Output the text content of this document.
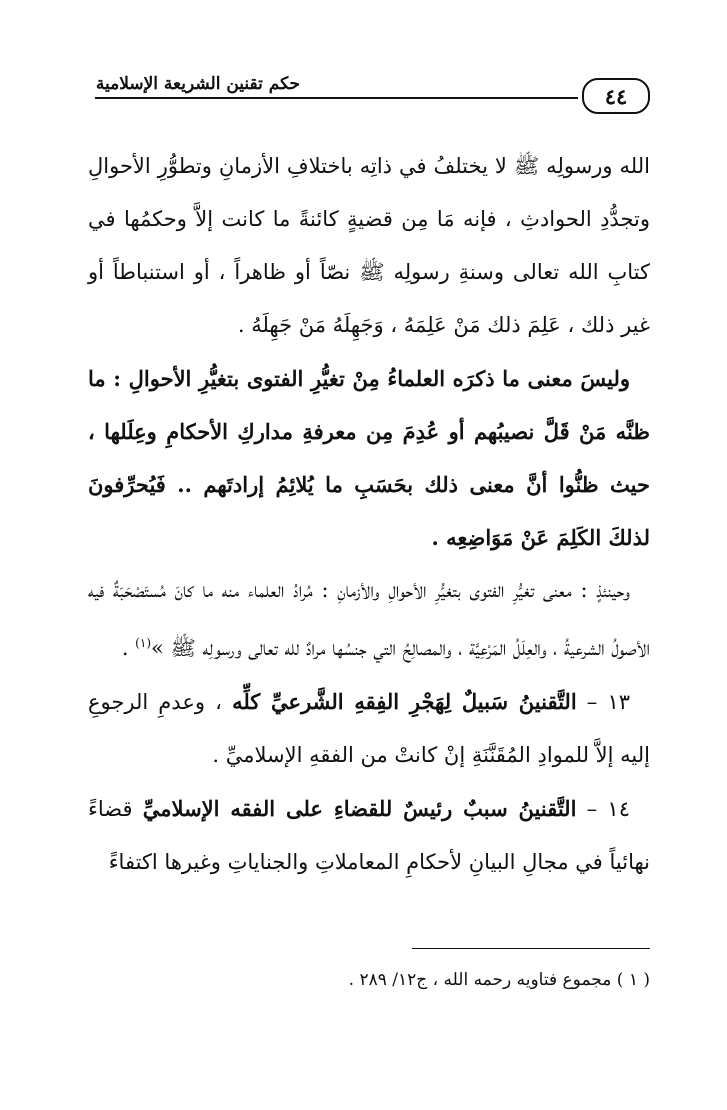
حكم تقنين الشريعة الإسلامية	٤٤

الله ورسولِه ﷺ لا يختلفُ في ذاتِه باختلافِ الأزمانِ وتطوُّرِ الأحوالِ وتجدُّدِ الحوادثِ ، فإنه مَا مِن قضيةٍ كائنةً ما كانت إلاَّ وحكمُها في كتابِ الله تعالى وسنةِ رسولِه ﷺ نصّاً أو ظاهراً ، أو استنباطاً أو غير ذلك ، عَلِمَ ذلك مَنْ عَلِمَهُ ، وَجَهِلَهُ مَنْ جَهِلَهُ .

وليسَ معنى ما ذكرَه العلماءُ مِنْ تغيُّرِ الفتوى بتغيُّرِ الأحوالِ : ما ظنَّه مَنْ قَلَّ نصيبُهم أو عُدِمَ مِن معرفةِ مداركِ الأحكامِ وعِلَلها ، حيث ظنُّوا أنَّ معنى ذلك بحَسَبِ ما يُلائِمُ إرادتَهم .. فَيُحرِّفونَ لذلكَ الكَلِمَ عَنْ مَوَاضِعِه .

وحينئذٍ : معنى تغيُّرِ الفتوى بتغيُّرِ الأحوالِ والأزمانِ : مُرادُ العلماء منه ما كانَ مُستَصْحَبَةٌ فيه الأصولُ الشرعيةُ ، والعِلَلُ المَرْعِيَّة ، والمصالِحُ التي جنسُها مرادٌ لله تعالى ورسولِه ﷺ »$^{(١)}$ .

١٣ – التَّقنينُ سَبيلٌ لِهَجْرِ الفِقهِ الشَّرعيِّ كلِّه ، وعدمِ الرجوعِ إليه إلاَّ للموادِ المُقَنَّنَةِ إنْ كانتْ من الفقهِ الإسلاميِّ .

١٤ – التَّقنينُ سببٌ رئيسٌ للقضاءِ على الفقه الإسلاميِّ قضاءً نهائياً في مجالِ البيانِ لأحكامِ المعاملاتِ والجناياتِ وغيرها اكتفاءً

( ١ ) مجموع فتاويه رحمه الله ، ج١٢/ ٢٨٩ .
